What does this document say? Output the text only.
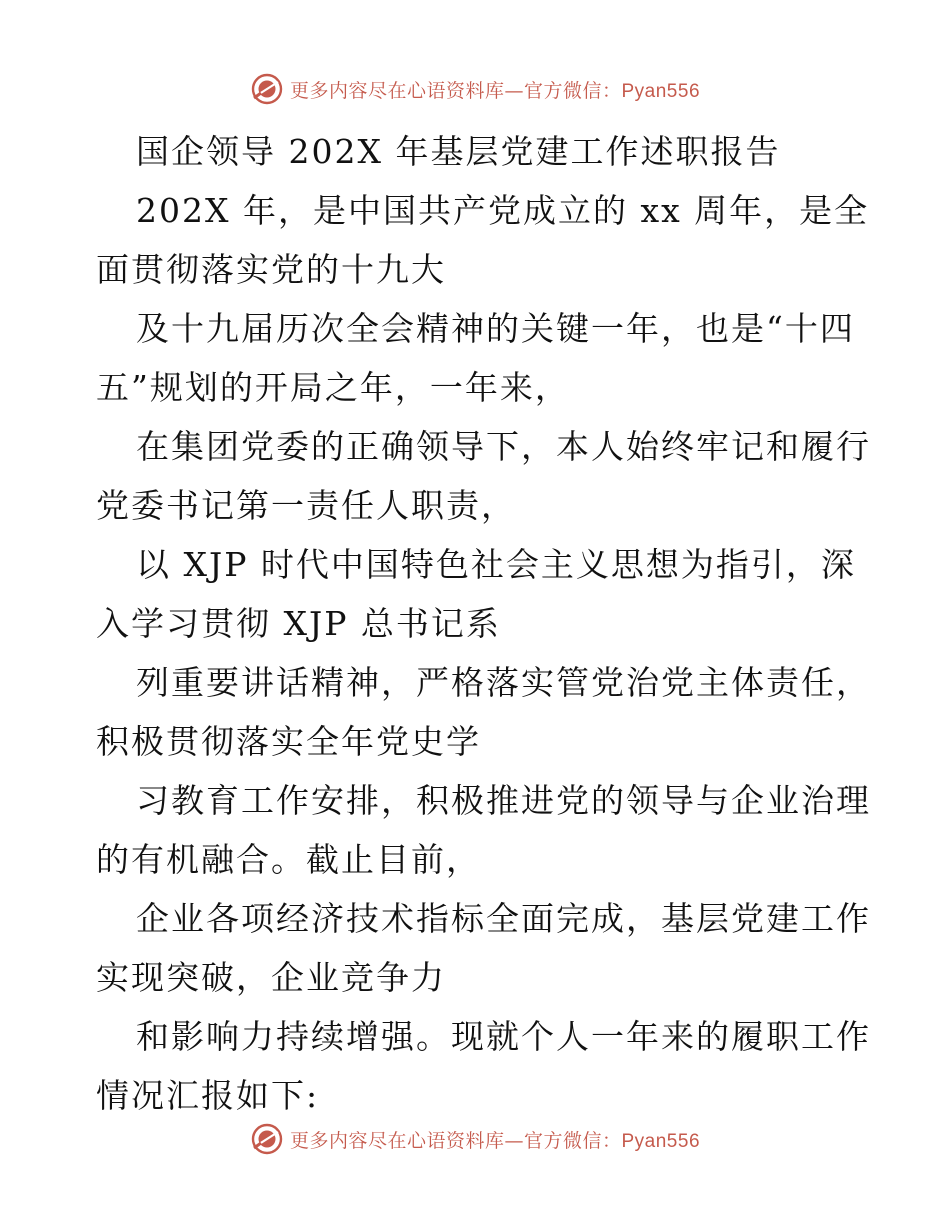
更多内容尽在心语资料库—官方微信：Pyan556
国企领导 202X 年基层党建工作述职报告
202X 年，是中国共产党成立的 xx 周年，是全
面贯彻落实党的十九大
及十九届历次全会精神的关键一年，也是“十四
五”规划的开局之年，一年来，
在集团党委的正确领导下，本人始终牢记和履行
党委书记第一责任人职责，
以 XJP 时代中国特色社会主义思想为指引，深
入学习贯彻 XJP 总书记系
列重要讲话精神，严格落实管党治党主体责任，
积极贯彻落实全年党史学
习教育工作安排，积极推进党的领导与企业治理
的有机融合。截止目前，
企业各项经济技术指标全面完成，基层党建工作
实现突破，企业竞争力
和影响力持续增强。现就个人一年来的履职工作
情况汇报如下:
更多内容尽在心语资料库—官方微信：Pyan556
